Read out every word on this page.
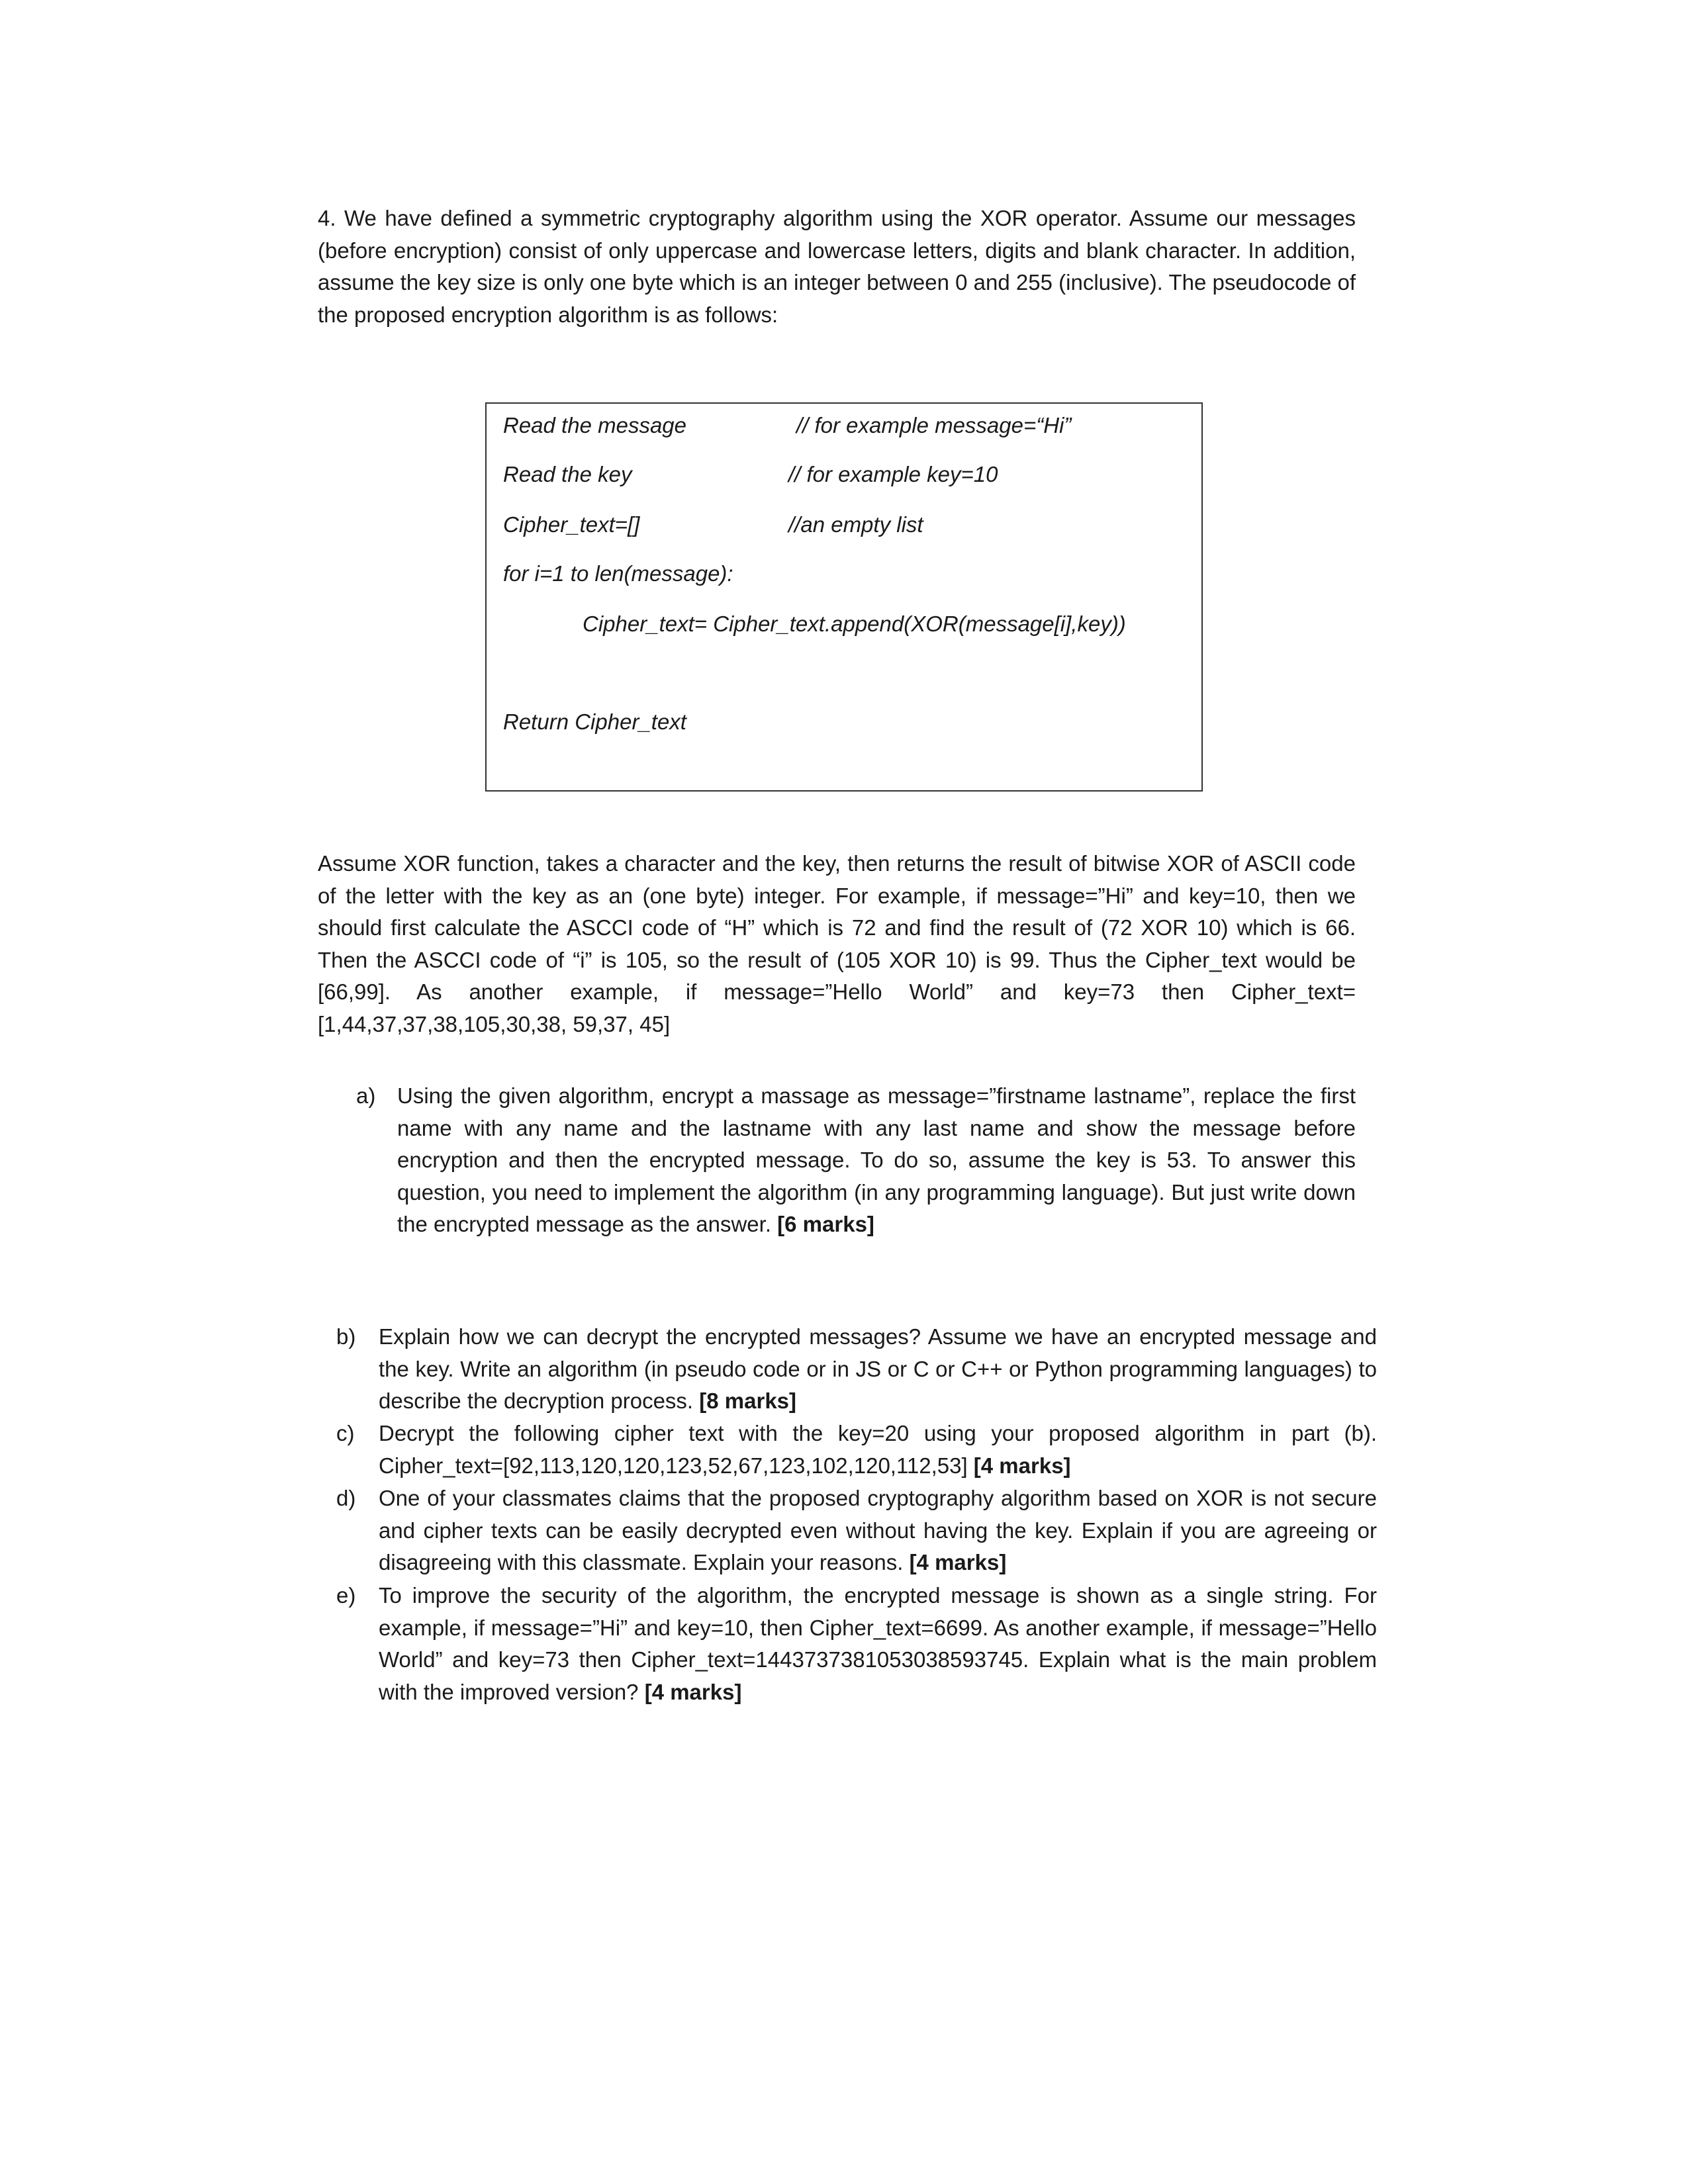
4. We have defined a symmetric cryptography algorithm using the XOR operator. Assume our messages (before encryption) consist of only uppercase and lowercase letters, digits and blank character. In addition, assume the key size is only one byte which is an integer between 0 and 255 (inclusive). The pseudocode of the proposed encryption algorithm is as follows:

Read the message	// for example message=“Hi”
Read the key	// for example key=10
Cipher_text=[]	//an empty list
for i=1 to len(message):
Cipher_text= Cipher_text.append(XOR(message[i],key))
Return Cipher_text

Assume XOR function, takes a character and the key, then returns the result of bitwise XOR of ASCII code of the letter with the key as an (one byte) integer. For example, if message=”Hi” and key=10, then we should first calculate the ASCCI code of “H” which is 72 and find the result of (72 XOR 10) which is 66. Then the ASCCI code of “i” is 105, so the result of (105 XOR 10) is 99. Thus the Cipher_text would be [66,99]. As another example, if message=”Hello World” and key=73 then Cipher_text=[1,44,37,37,38,105,30,38, 59,37, 45]

a) Using the given algorithm, encrypt a massage as message=”firstname lastname”, replace the first name with any name and the lastname with any last name and show the message before encryption and then the encrypted message. To do so, assume the key is 53. To answer this question, you need to implement the algorithm (in any programming language). But just write down the encrypted message as the answer. [6 marks]

b)	Explain how we can decrypt the encrypted messages? Assume we have an encrypted message and the key. Write an algorithm (in pseudo code or in JS or C or C++ or Python programming languages) to describe the decryption process. [8 marks]

c)	Decrypt the following cipher text with the key=20 using your proposed algorithm in part (b). Cipher_text=[92,113,120,120,123,52,67,123,102,120,112,53] [4 marks]

d)	One of your classmates claims that the proposed cryptography algorithm based on XOR is not secure and cipher texts can be easily decrypted even without having the key. Explain if you are agreeing or disagreeing with this classmate. Explain your reasons. [4 marks]

e)	To improve the security of the algorithm, the encrypted message is shown as a single string. For example, if message=”Hi” and key=10, then Cipher_text=6699. As another example, if message=”Hello World” and key=73 then Cipher_text=1443737381053038593745. Explain what is the main problem with the improved version? [4 marks]
